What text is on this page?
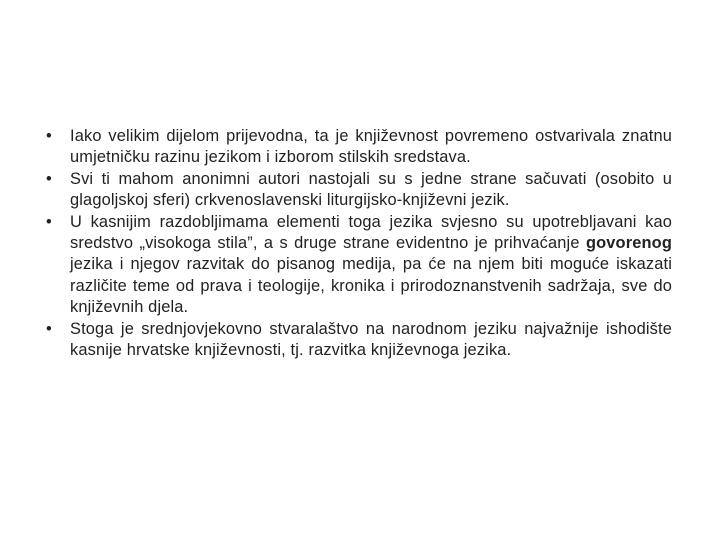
•	Iako velikim dijelom prijevodna, ta je književnost povremeno ostvarivala znatnu umjetničku razinu jezikom i izborom stilskih sredstava.
•	Svi ti mahom anonimni autori nastojali su s jedne strane sačuvati (osobito u glagoljskoj sferi) crkvenoslavenski liturgijsko-književni jezik.
•	U kasnijim razdobljimama elementi toga jezika svjesno su upotrebljavani kao sredstvo „visokoga stila”, a s druge strane evidentno je prihvaćanje govorenog jezika i njegov razvitak do pisanog medija, pa će na njem biti moguće iskazati različite teme od prava i teologije, kronika i prirodoznanstvenih sadržaja, sve do književnih djela.
•	Stoga je srednjovjekovno stvaralaštvo na narodnom jeziku najvažnije ishodište kasnije hrvatske književnosti, tj. razvitka književnoga jezika.
